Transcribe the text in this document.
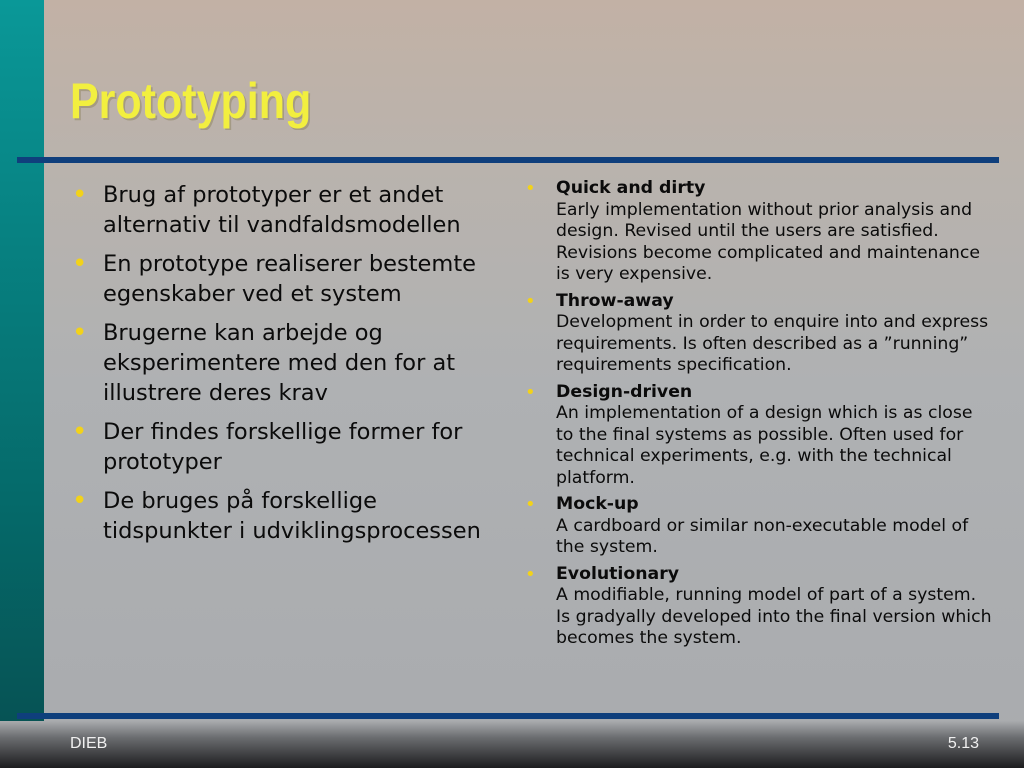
Prototyping
• Brug af prototyper er et andet alternativ til vandfaldsmodellen
• En prototype realiserer bestemte egenskaber ved et system
• Brugerne kan arbejde og eksperimentere med den for at illustrere deres krav
• Der findes forskellige former for prototyper
• De bruges på forskellige tidspunkter i udviklingsprocessen
• Quick and dirty
Early implementation without prior analysis and design. Revised until the users are satisfied. Revisions become complicated and maintenance is very expensive.
• Throw-away
Development in order to enquire into and express requirements. Is often described as a ”running” requirements specification.
• Design-driven
An implementation of a design which is as close to the final systems as possible. Often used for technical experiments, e.g. with the technical platform.
• Mock-up
A cardboard or similar non-executable model of the system.
• Evolutionary
A modifiable, running model of part of a system. Is gradyally developed into the final version which becomes the system.
DIEB	5.13
